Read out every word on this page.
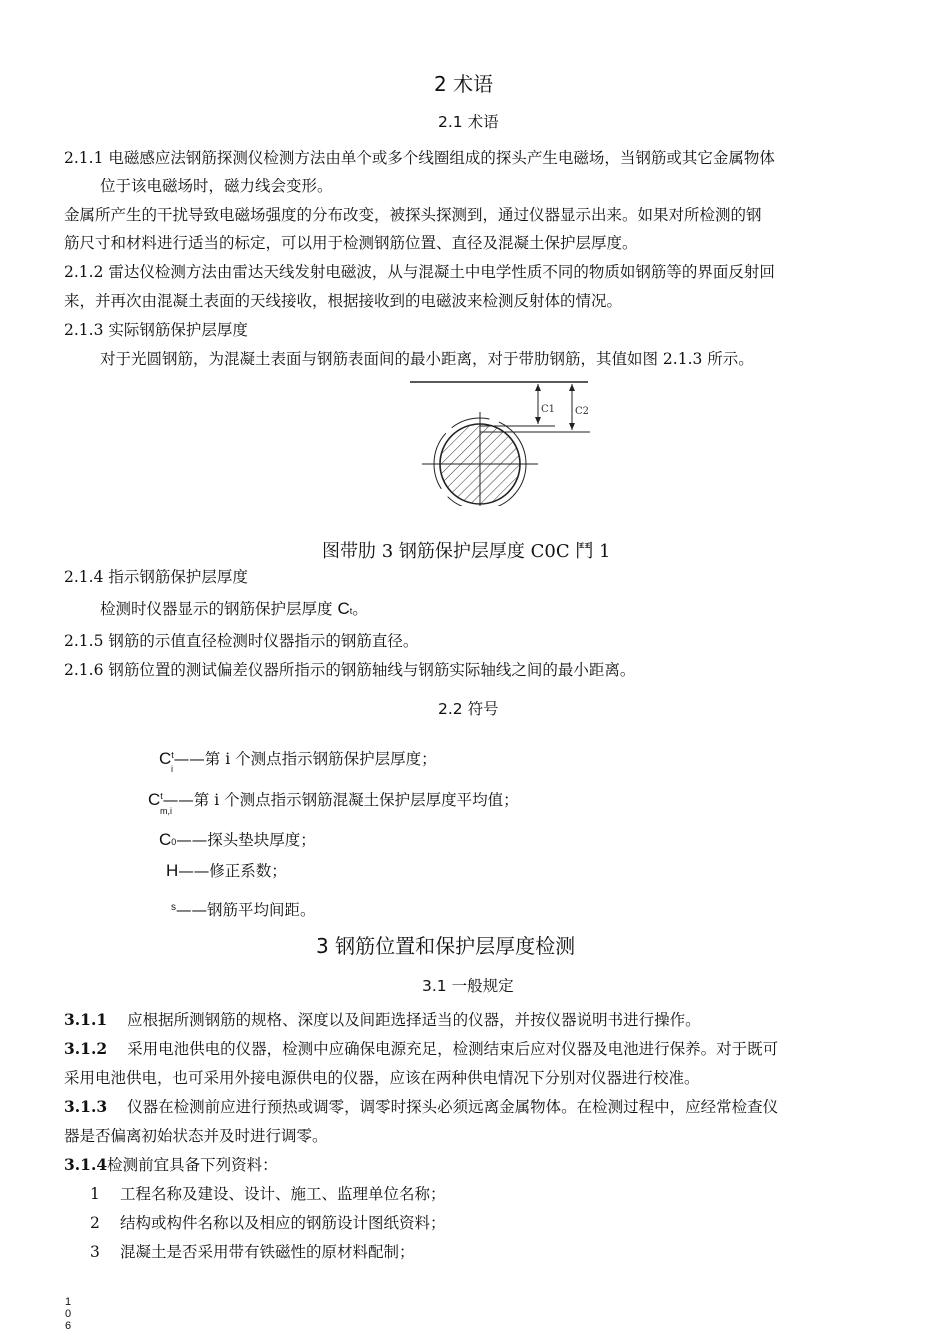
2 术语
2.1 术语
2.1.1 电磁感应法钢筋探测仪检测方法由单个或多个线圈组成的探头产生电磁场，当钢筋或其它金属物体
位于该电磁场时，磁力线会变形。
金属所产生的干扰导致电磁场强度的分布改变，被探头探测到，通过仪器显示出来。如果对所检测的钢
筋尺寸和材料进行适当的标定，可以用于检测钢筋位置、直径及混凝土保护层厚度。
2.1.2 雷达仪检测方法由雷达天线发射电磁波，从与混凝土中电学性质不同的物质如钢筋等的界面反射回
来，并再次由混凝土表面的天线接收，根据接收到的电磁波来检测反射体的情况。
2.1.3 实际钢筋保护层厚度
对于光圆钢筋，为混凝土表面与钢筋表面间的最小距离，对于带肋钢筋，其值如图 2.1.3 所示。
C1 C2
图带肋 3 钢筋保护层厚度 C0C 鬥 1
2.1.4 指示钢筋保护层厚度
检测时仪器显示的钢筋保护层厚度 Ct。
2.1.5 钢筋的示值直径检测时仪器指示的钢筋直径。
2.1.6 钢筋位置的测试偏差仪器所指示的钢筋轴线与钢筋实际轴线之间的最小距离。
2.2 符号
$C^t——$第 i 个测点指示钢筋保护层厚度；
i
$C^t——$第 i 个测点指示钢筋混凝土保护层厚度平均值；
m,i
C0——探头垫块厚度；
H——修正系数；
$^s$——钢筋平均间距。
3 钢筋位置和保护层厚度检测
3.1 一般规定
3.1.1 应根据所测钢筋的规格、深度以及间距选择适当的仪器，并按仪器说明书进行操作。
3.1.2 采用电池供电的仪器，检测中应确保电源充足，检测结束后应对仪器及电池进行保养。对于既可
采用电池供电，也可采用外接电源供电的仪器，应该在两种供电情况下分别对仪器进行校准。
3.1.3 仪器在检测前应进行预热或调零，调零时探头必须远离金属物体。在检测过程中，应经常检查仪
器是否偏离初始状态并及时进行调零。
3.1.4检测前宜具备下列资料：
1 工程名称及建设、设计、施工、监理单位名称；
2 结构或构件名称以及相应的钢筋设计图纸资料；
3 混凝土是否采用带有铁磁性的原材料配制；
1
0
6
